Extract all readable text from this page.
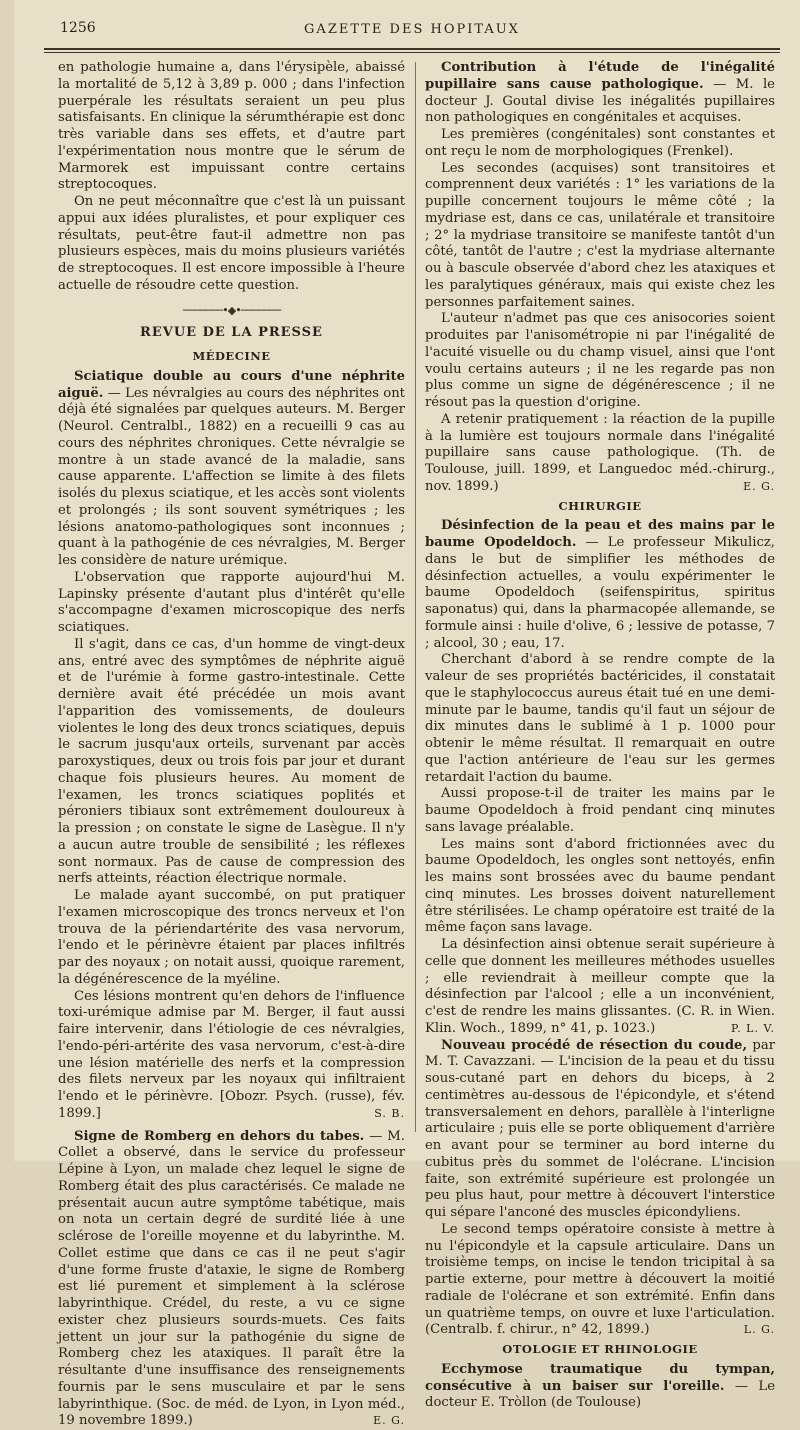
1256	GAZETTE DES HOPITAUX

en pathologie humaine a, dans l'érysipèle, abaissé la mortalité de 5,12 à 3,89 p. 000 ; dans l'infection puerpérale les résultats seraient un peu plus satisfaisants. En clinique la sérumthérapie est donc très variable dans ses effets, et d'autre part l'expérimentation nous montre que le sérum de Marmorek est impuissant contre certains streptocoques.

On ne peut méconnaître que c'est là un puissant appui aux idées pluralistes, et pour expliquer ces résultats, peut-être faut-il admettre non pas plusieurs espèces, mais du moins plusieurs variétés de streptocoques. Il est encore impossible à l'heure actuelle de résoudre cette question.

───────•◆•───────
REVUE DE LA PRESSE
MÉDECINE

Sciatique double au cours d'une néphrite aiguë. — Les névralgies au cours des néphrites ont déjà été signalées par quelques auteurs. M. Berger (Neurol. Centralbl., 1882) en a recueilli 9 cas au cours des néphrites chroniques. Cette névralgie se montre à un stade avancé de la maladie, sans cause apparente. L'affection se limite à des filets isolés du plexus sciatique, et les accès sont violents et prolongés ; ils sont souvent symétriques ; les lésions anatomo-pathologiques sont inconnues ; quant à la pathogénie de ces névralgies, M. Berger les considère de nature urémique.

L'observation que rapporte aujourd'hui M. Lapinsky présente d'autant plus d'intérêt qu'elle s'accompagne d'examen microscopique des nerfs sciatiques.

Il s'agit, dans ce cas, d'un homme de vingt-deux ans, entré avec des symptômes de néphrite aiguë et de l'urémie à forme gastro-intestinale. Cette dernière avait été précédée un mois avant l'apparition des vomissements, de douleurs violentes le long des deux troncs sciatiques, depuis le sacrum jusqu'aux orteils, survenant par accès paroxystiques, deux ou trois fois par jour et durant chaque fois plusieurs heures. Au moment de l'examen, les troncs sciatiques poplités et péroniers tibiaux sont extrêmement douloureux à la pression ; on constate le signe de Lasègue. Il n'y a aucun autre trouble de sensibilité ; les réflexes sont normaux. Pas de cause de compression des nerfs atteints, réaction électrique normale.

Le malade ayant succombé, on put pratiquer l'examen microscopique des troncs nerveux et l'on trouva de la périendartérite des vasa nervorum, l'endo et le périnèvre étaient par places infiltrés par des noyaux ; on notait aussi, quoique rarement, la dégénérescence de la myéline.

Ces lésions montrent qu'en dehors de l'influence toxi-urémique admise par M. Berger, il faut aussi faire intervenir, dans l'étiologie de ces névralgies, l'endo-péri-artérite des vasa nervorum, c'est-à-dire une lésion matérielle des nerfs et la compression des filets nerveux par les noyaux qui infiltraient l'endo et le périnèvre. [Obozr. Psych. (russe), fév. 1899.]	S. B.

Signe de Romberg en dehors du tabes. — M. Collet a observé, dans le service du professeur Lépine à Lyon, un malade chez lequel le signe de Romberg était des plus caractérisés. Ce malade ne présentait aucun autre symptôme tabétique, mais on nota un certain degré de surdité liée à une sclérose de l'oreille moyenne et du labyrinthe. M. Collet estime que dans ce cas il ne peut s'agir d'une forme fruste d'ataxie, le signe de Romberg est lié purement et simplement à la sclérose labyrinthique. Crédel, du reste, a vu ce signe exister chez plusieurs sourds-muets. Ces faits jettent un jour sur la pathogénie du signe de Romberg chez les ataxiques. Il paraît être la résultante d'une insuffisance des renseignements fournis par le sens musculaire et par le sens labyrinthique. (Soc. de méd. de Lyon, in Lyon méd., 19 novembre 1899.)	E. G.

Contribution à l'étude de l'inégalité pupillaire sans cause pathologique. — M. le docteur J. Goutal divise les inégalités pupillaires non pathologiques en congénitales et acquises.

Les premières (congénitales) sont constantes et ont reçu le nom de morphologiques (Frenkel).

Les secondes (acquises) sont transitoires et comprennent deux variétés : 1° les variations de la pupille concernent toujours le même côté ; la mydriase est, dans ce cas, unilatérale et transitoire ; 2° la mydriase transitoire se manifeste tantôt d'un côté, tantôt de l'autre ; c'est la mydriase alternante ou à bascule observée d'abord chez les ataxiques et les paralytiques généraux, mais qui existe chez les personnes parfaitement saines.

L'auteur n'admet pas que ces anisocories soient produites par l'anisométropie ni par l'inégalité de l'acuité visuelle ou du champ visuel, ainsi que l'ont voulu certains auteurs ; il ne les regarde pas non plus comme un signe de dégénérescence ; il ne résout pas la question d'origine.

A retenir pratiquement : la réaction de la pupille à la lumière est toujours normale dans l'inégalité pupillaire sans cause pathologique. (Th. de Toulouse, juill. 1899, et Languedoc méd.-chirurg., nov. 1899.)	E. G.

CHIRURGIE

Désinfection de la peau et des mains par le baume Opodeldoch. — Le professeur Mikulicz, dans le but de simplifier les méthodes de désinfection actuelles, a voulu expérimenter le baume Opodeldoch (seifenspiritus, spiritus saponatus) qui, dans la pharmacopée allemande, se formule ainsi : huile d'olive, 6 ; lessive de potasse, 7 ; alcool, 30 ; eau, 17.

Cherchant d'abord à se rendre compte de la valeur de ses propriétés bactéricides, il constatait que le staphylococcus aureus était tué en une demi-minute par le baume, tandis qu'il faut un séjour de dix minutes dans le sublimé à 1 p. 1000 pour obtenir le même résultat. Il remarquait en outre que l'action antérieure de l'eau sur les germes retardait l'action du baume.

Aussi propose-t-il de traiter les mains par le baume Opodeldoch à froid pendant cinq minutes sans lavage préalable.

Les mains sont d'abord frictionnées avec du baume Opodeldoch, les ongles sont nettoyés, enfin les mains sont brossées avec du baume pendant cinq minutes. Les brosses doivent naturellement être stérilisées. Le champ opératoire est traité de la même façon sans lavage.

La désinfection ainsi obtenue serait supérieure à celle que donnent les meilleures méthodes usuelles ; elle reviendrait à meilleur compte que la désinfection par l'alcool ; elle a un inconvénient, c'est de rendre les mains glissantes. (C. R. in Wien. Klin. Woch., 1899, n° 41, p. 1023.)	P. L. V.

Nouveau procédé de résection du coude, par M. T. Cavazzani. — L'incision de la peau et du tissu sous-cutané part en dehors du biceps, à 2 centimètres au-dessous de l'épicondyle, et s'étend transversalement en dehors, parallèle à l'interligne articulaire ; puis elle se porte obliquement d'arrière en avant pour se terminer au bord interne du cubitus près du sommet de l'olécrane. L'incision faite, son extrémité supérieure est prolongée un peu plus haut, pour mettre à découvert l'interstice qui sépare l'anconé des muscles épicondyliens.

Le second temps opératoire consiste à mettre à nu l'épicondyle et la capsule articulaire. Dans un troisième temps, on incise le tendon tricipital à sa partie externe, pour mettre à découvert la moitié radiale de l'olécrane et son extrémité. Enfin dans un quatrième temps, on ouvre et luxe l'articulation. (Centralb. f. chirur., n° 42, 1899.)	L. G.

OTOLOGIE ET RHINOLOGIE

Ecchymose traumatique du tympan, consécutive à un baiser sur l'oreille. — Le docteur E. Tròllon (de Toulouse)
